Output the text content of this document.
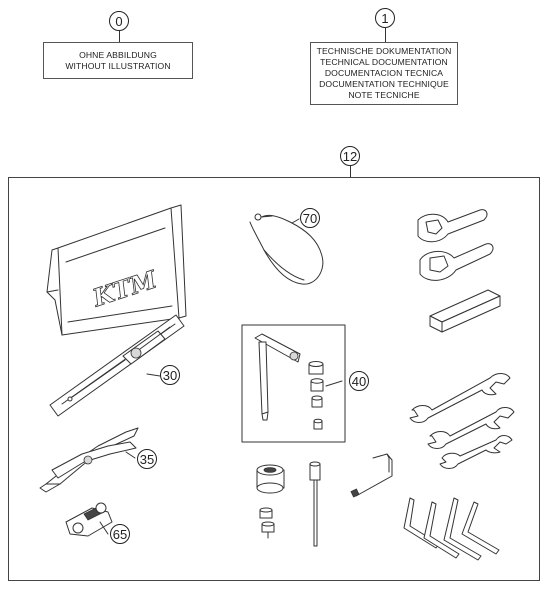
0
OHNE ABBILDUNG
WITHOUT ILLUSTRATION
1
TECHNISCHE DOKUMENTATION
TECHNICAL DOCUMENTATION
DOCUMENTACION TECNICA
DOCUMENTATION TECHNIQUE
NOTE TECNICHE
12
KTM
30
35
40
65
70
